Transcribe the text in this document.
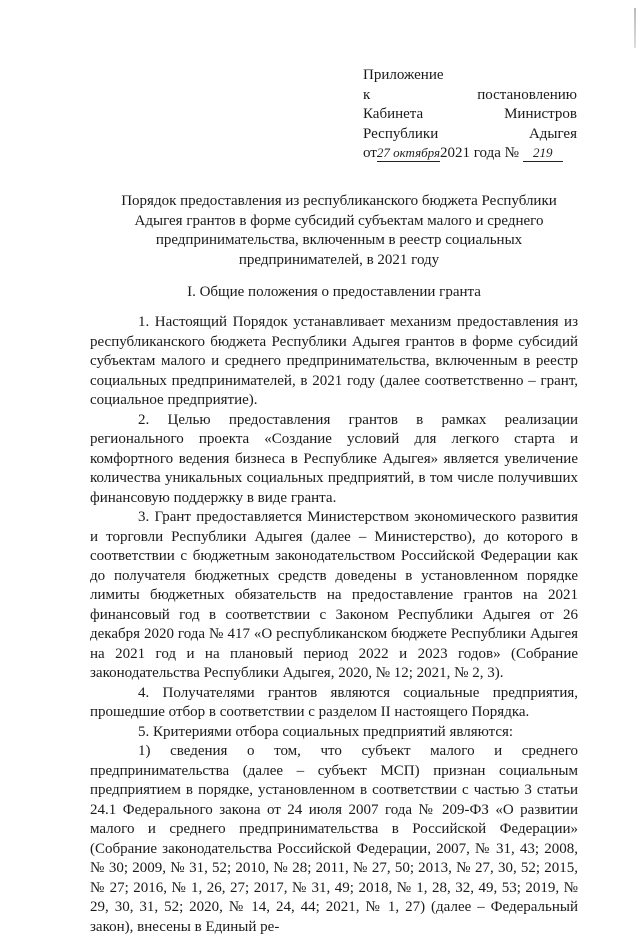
Приложение
к	постановлению
Кабинета	Министров
Республики	Адыгея
от27 октября2021 года № 219
Порядок предоставления из республиканского бюджета Республики Адыгея грантов в форме субсидий субъектам малого и среднего предпринимательства, включенным в реестр социальных предпринимателей, в 2021 году
I. Общие положения о предоставлении гранта

1. Настоящий Порядок устанавливает механизм предоставления из республиканского бюджета Республики Адыгея грантов в форме субсидий субъектам малого и среднего предпринимательства, включенным в реестр социальных предпринимателей, в 2021 году (далее соответственно – грант, социальное предприятие).

2. Целью предоставления грантов в рамках реализации регионального проекта «Создание условий для легкого старта и комфортного ведения бизнеса в Республике Адыгея» является увеличение количества уникальных социальных предприятий, в том числе получивших финансовую поддержку в виде гранта.

3. Грант предоставляется Министерством экономического развития и торговли Республики Адыгея (далее – Министерство), до которого в соответствии с бюджетным законодательством Российской Федерации как до получателя бюджетных средств доведены в установленном порядке лимиты бюджетных обязательств на предоставление грантов на 2021 финансовый год в соответствии с Законом Республики Адыгея от 26 декабря 2020 года № 417 «О республиканском бюджете Республики Адыгея на 2021 год и на плановый период 2022 и 2023 годов» (Собрание законодательства Республики Адыгея, 2020, № 12; 2021, № 2, 3).

4. Получателями грантов являются социальные предприятия, прошедшие отбор в соответствии с разделом II настоящего Порядка.

5. Критериями отбора социальных предприятий являются:

1) сведения о том, что субъект малого и среднего предпринимательства (далее – субъект МСП) признан социальным предприятием в порядке, установленном в соответствии с частью 3 статьи 24.1 Федерального закона от 24 июля 2007 года № 209-ФЗ «О развитии малого и среднего предпринимательства в Российской Федерации» (Собрание законодательства Российской Федерации, 2007, № 31, 43; 2008, № 30; 2009, № 31, 52; 2010, № 28; 2011, № 27, 50; 2013, № 27, 30, 52; 2015, № 27; 2016, № 1, 26, 27; 2017, № 31, 49; 2018, № 1, 28, 32, 49, 53; 2019, № 29, 30, 31, 52; 2020, № 14, 24, 44; 2021, № 1, 27) (далее – Федеральный закон), внесены в Единый ре-
